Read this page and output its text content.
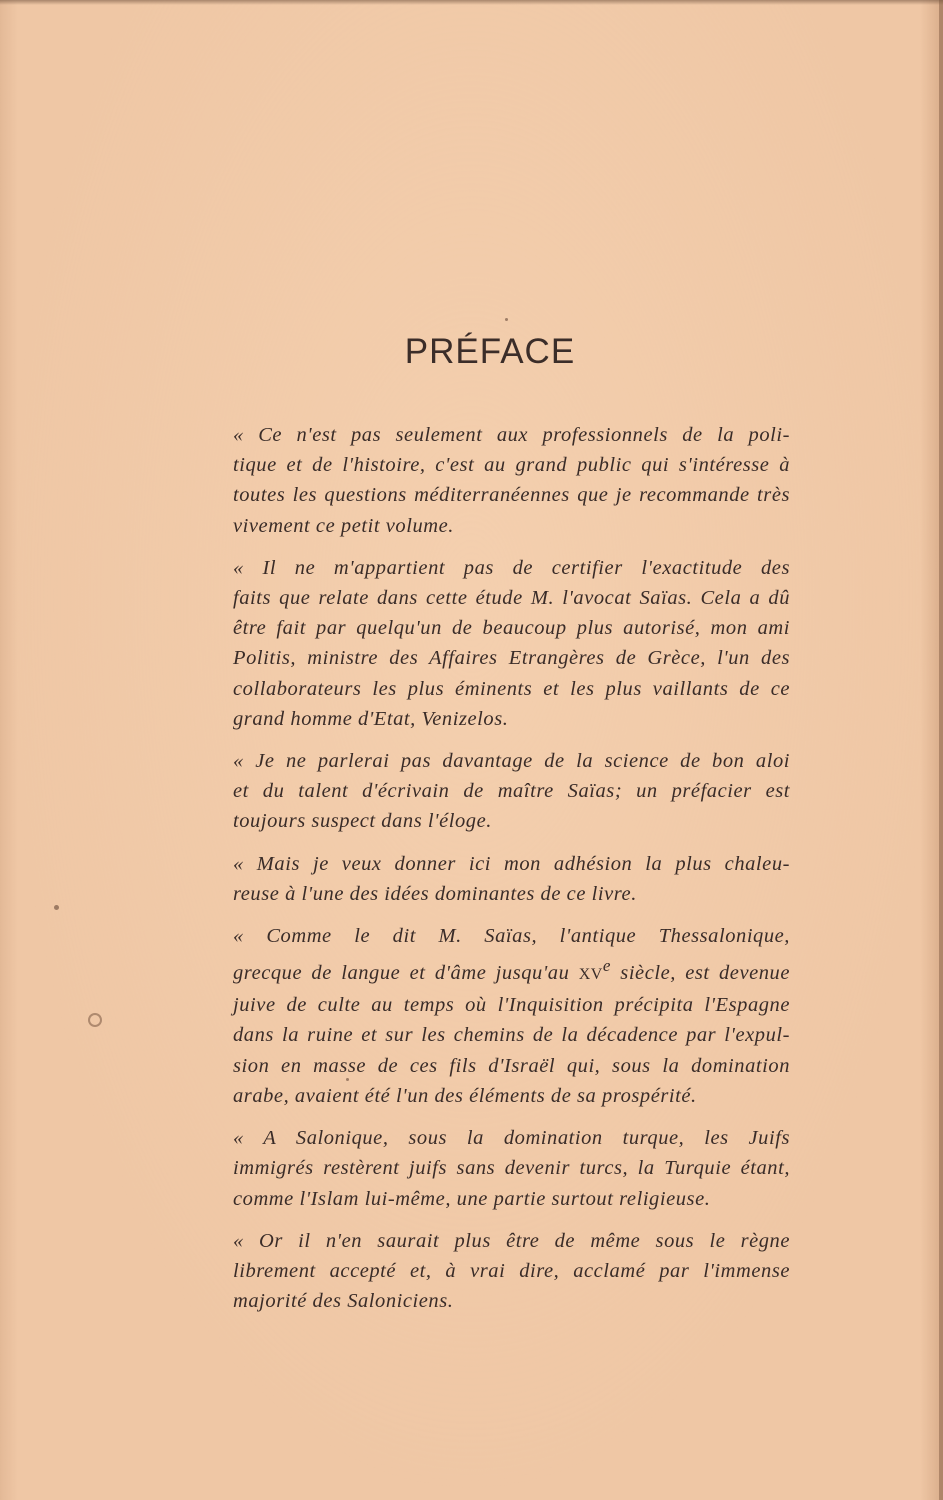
PRÉFACE

« Ce n'est pas seulement aux professionnels de la poli-
tique et de l'histoire, c'est au grand public qui s'intéresse à
toutes les questions méditerranéennes que je recommande très
vivement ce petit volume.

« Il ne m'appartient pas de certifier l'exactitude des
faits que relate dans cette étude M. l'avocat Saïas. Cela a dû
être fait par quelqu'un de beaucoup plus autorisé, mon ami
Politis, ministre des Affaires Etrangères de Grèce, l'un des
collaborateurs les plus éminents et les plus vaillants de ce
grand homme d'Etat, Venizelos.

« Je ne parlerai pas davantage de la science de bon aloi
et du talent d'écrivain de maître Saïas; un préfacier est
toujours suspect dans l'éloge.

« Mais je veux donner ici mon adhésion la plus chaleu-
reuse à l'une des idées dominantes de ce livre.

« Comme le dit M. Saïas, l'antique Thessalonique,
grecque de langue et d'âme jusqu'au XVe siècle, est devenue
juive de culte au temps où l'Inquisition précipita l'Espagne
dans la ruine et sur les chemins de la décadence par l'expul-
sion en masse de ces fils d'Israël qui, sous la domination
arabe, avaient été l'un des éléments de sa prospérité.

« A Salonique, sous la domination turque, les Juifs
immigrés restèrent juifs sans devenir turcs, la Turquie étant,
comme l'Islam lui-même, une partie surtout religieuse.

« Or il n'en saurait plus être de même sous le règne
librement accepté et, à vrai dire, acclamé par l'immense
majorité des Saloniciens.
